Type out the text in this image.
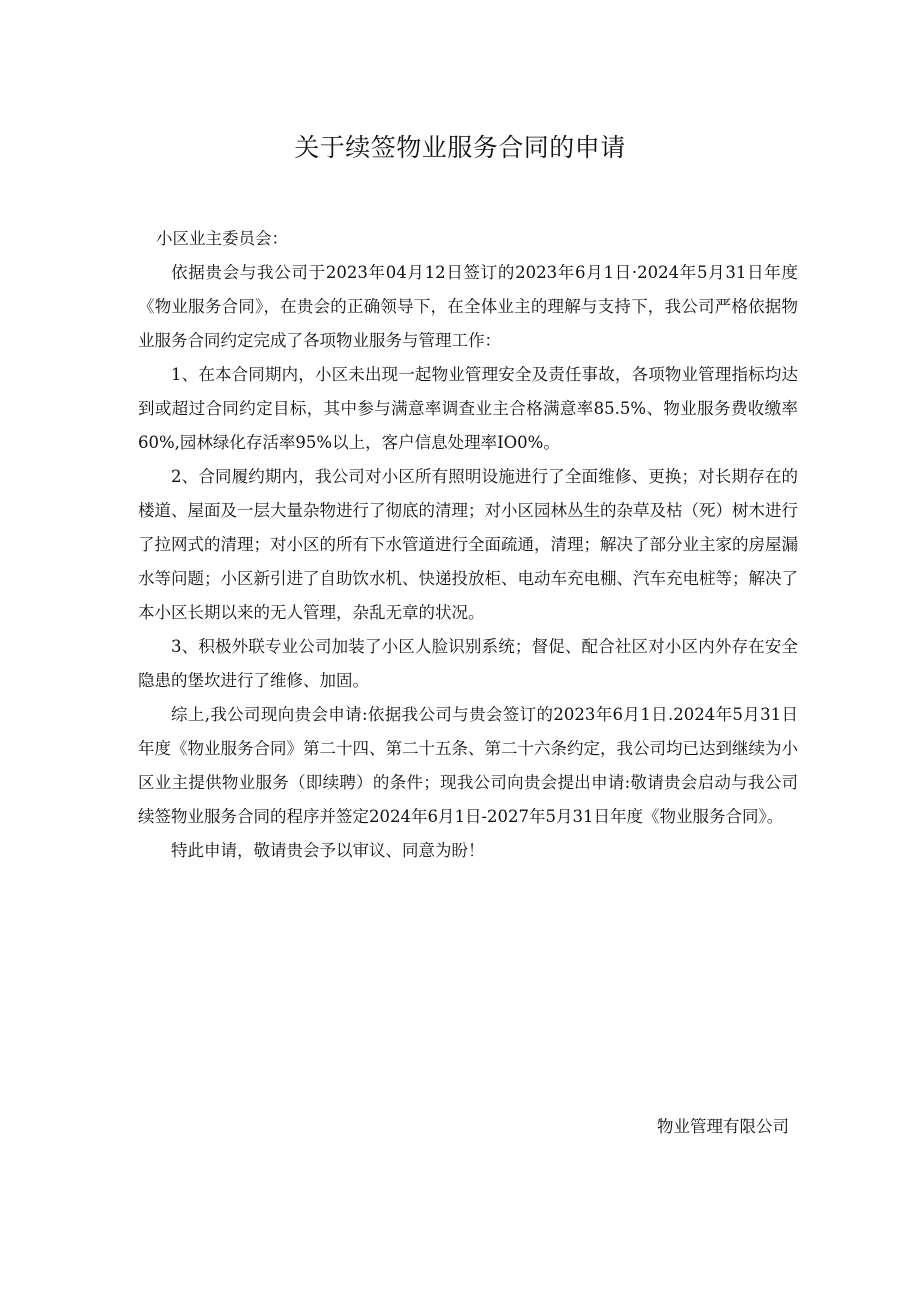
关于续签物业服务合同的申请

小区业主委员会：

依据贵会与我公司于2023年04月12日签订的2023年6月1日·2024年5月31日年度《物业服务合同》，在贵会的正确领导下，在全体业主的理解与支持下，我公司严格依据物业服务合同约定完成了各项物业服务与管理工作：

1、在本合同期内，小区未出现一起物业管理安全及责任事故，各项物业管理指标均达到或超过合同约定目标，其中参与满意率调查业主合格满意率85.5%、物业服务费收缴率60%,园林绿化存活率95%以上，客户信息处理率IO0%。

2、合同履约期内，我公司对小区所有照明设施进行了全面维修、更换；对长期存在的楼道、屋面及一层大量杂物进行了彻底的清理；对小区园林丛生的杂草及枯（死）树木进行了拉网式的清理；对小区的所有下水管道进行全面疏通，清理；解决了部分业主家的房屋漏水等问题；小区新引进了自助饮水机、快递投放柜、电动车充电棚、汽车充电桩等；解决了本小区长期以来的无人管理，杂乱无章的状况。

3、积极外联专业公司加装了小区人脸识别系统；督促、配合社区对小区内外存在安全隐患的堡坎进行了维修、加固。

综上,我公司现向贵会申请:依据我公司与贵会签订的2023年6月1日.2024年5月31日年度《物业服务合同》第二十四、第二十五条、第二十六条约定，我公司均已达到继续为小区业主提供物业服务（即续聘）的条件；现我公司向贵会提出申请:敬请贵会启动与我公司续签物业服务合同的程序并签定2024年6月1日-2027年5月31日年度《物业服务合同》。

特此申请，敬请贵会予以审议、同意为盼！

物业管理有限公司
